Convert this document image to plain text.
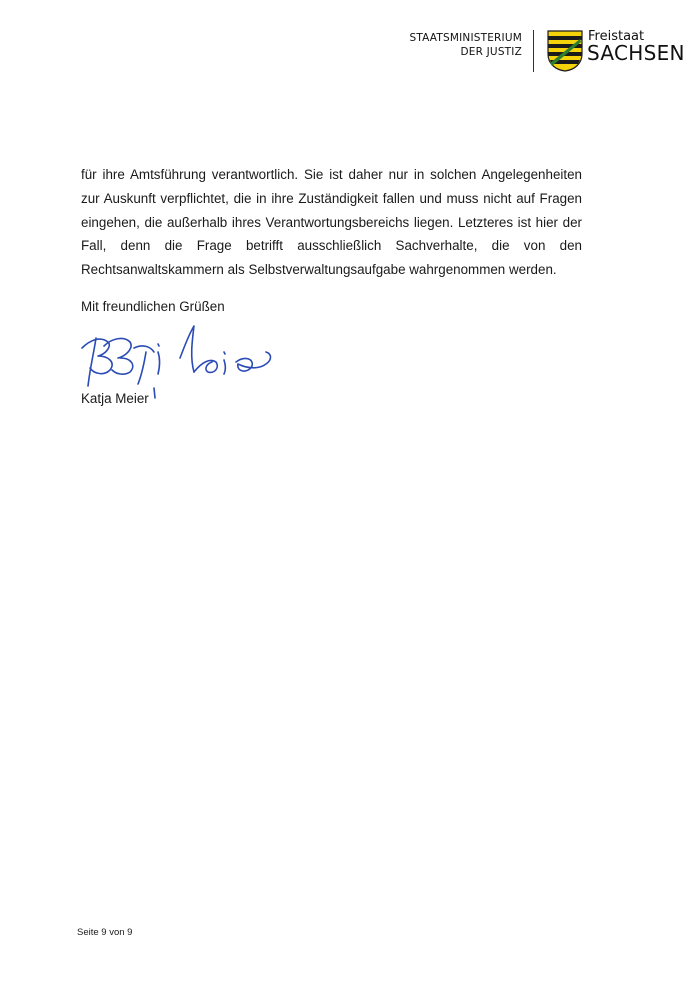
STAATSMINISTERIUM
DER JUSTIZ
Freistaat
SACHSEN
für ihre Amtsführung verantwortlich. Sie ist daher nur in solchen Angelegenheiten zur Auskunft verpflichtet, die in ihre Zuständigkeit fallen und muss nicht auf Fragen eingehen, die außerhalb ihres Verantwortungsbereichs liegen. Letzteres ist hier der Fall, denn die Frage betrifft ausschließlich Sachverhalte, die von den Rechtsanwaltskammern als Selbstverwaltungsaufgabe wahrgenommen werden.
Mit freundlichen Grüßen
Katja Meier
Seite 9 von 9
